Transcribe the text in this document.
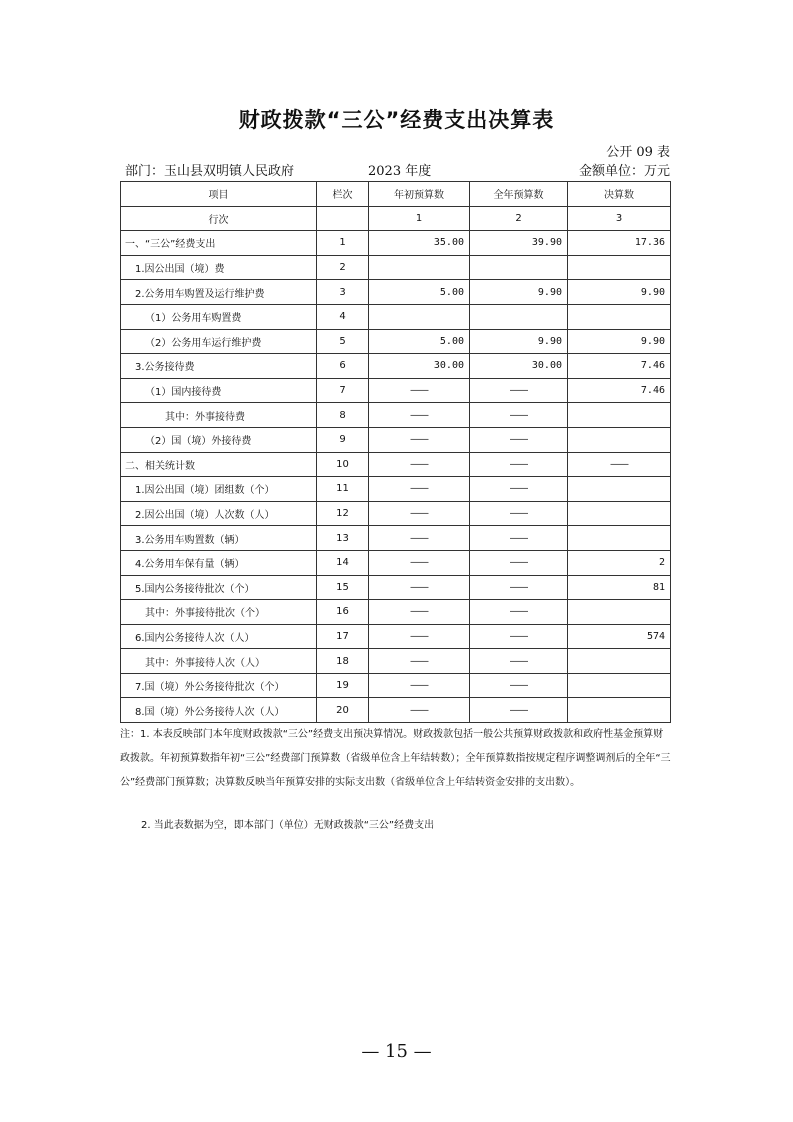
财政拨款“三公”经费支出决算表
公开 09 表
部门：玉山县双明镇人民政府	2023 年度	金额单位：万元
项目	栏次	年初预算数	全年预算数	决算数
行次		1	2	3
一、“三公”经费支出	1	35.00	39.90	17.36
1.因公出国（境）费	2			
2.公务用车购置及运行维护费	3	5.00	9.90	9.90
（1）公务用车购置费	4			
（2）公务用车运行维护费	5	5.00	9.90	9.90
3.公务接待费	6	30.00	30.00	7.46
（1）国内接待费	7	——	——	7.46
其中：外事接待费	8	——	——	
（2）国（境）外接待费	9	——	——	
二、相关统计数	10	——	——	——
1.因公出国（境）团组数（个）	11	——	——	
2.因公出国（境）人次数（人）	12	——	——	
3.公务用车购置数（辆）	13	——	——	
4.公务用车保有量（辆）	14	——	——	2
5.国内公务接待批次（个）	15	——	——	81
其中：外事接待批次（个）	16	——	——	
6.国内公务接待人次（人）	17	——	——	574
其中：外事接待人次（人）	18	——	——	
7.国（境）外公务接待批次（个）	19	——	——	
8.国（境）外公务接待人次（人）	20	——	——	
注：1. 本表反映部门本年度财政拨款“三公”经费支出预决算情况。财政拨款包括一般公共预算财政拨款和政府性基金预算财政拨款。年初预算数指年初“三公”经费部门预算数（省级单位含上年结转数）；全年预算数指按规定程序调整调剂后的全年“三公”经费部门预算数；决算数反映当年预算安排的实际支出数（省级单位含上年结转资金安排的支出数）。
2. 当此表数据为空，即本部门（单位）无财政拨款“三公”经费支出
— 15 —
